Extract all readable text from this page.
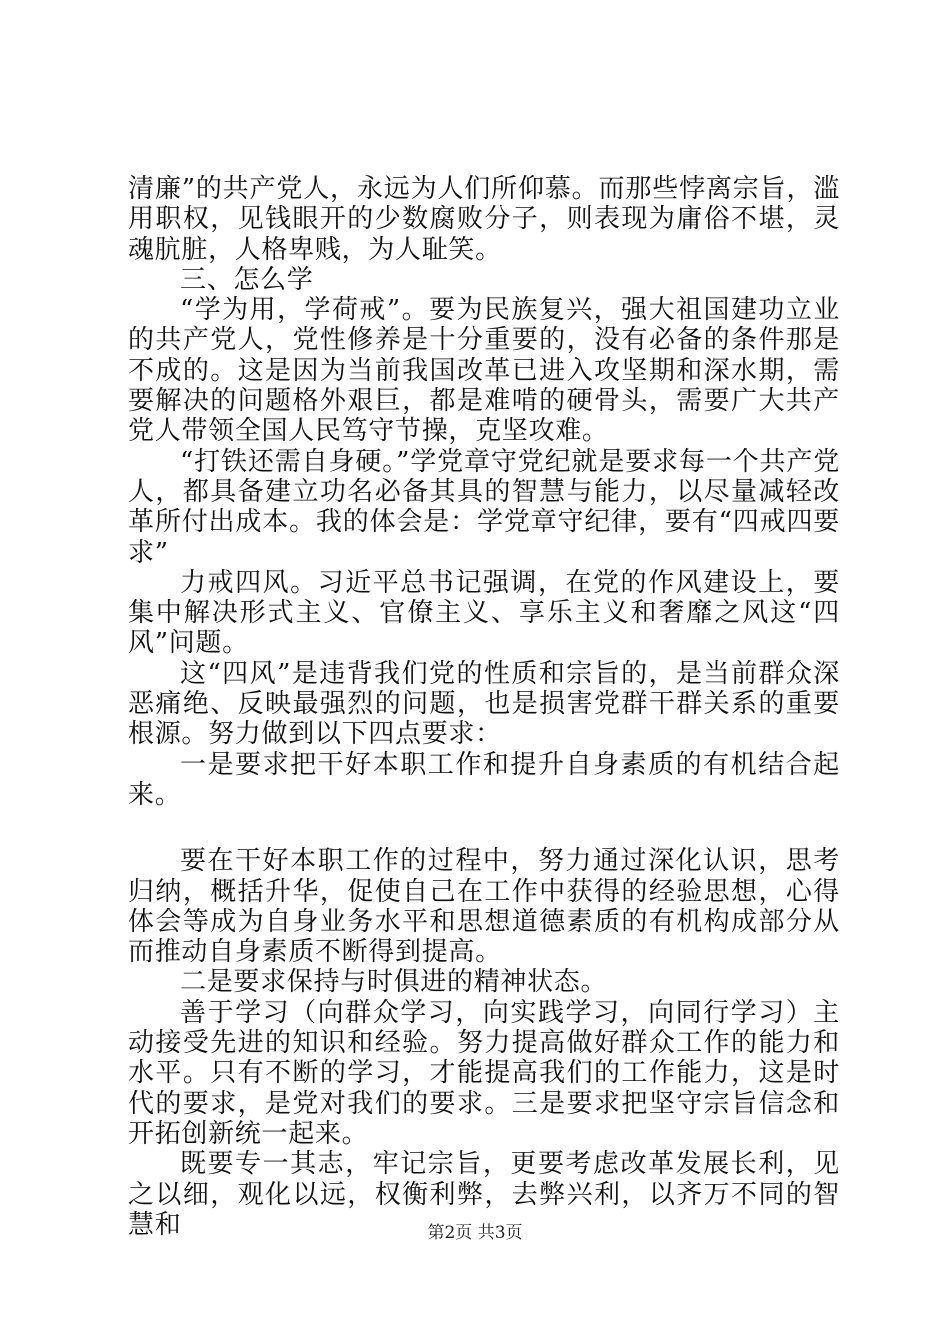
清廉”的共产党人，永远为人们所仰慕。而那些悖离宗旨，滥用职权，见钱眼开的少数腐败分子，则表现为庸俗不堪，灵魂肮脏，人格卑贱，为人耻笑。

三、怎么学

“学为用，学荷戒”。要为民族复兴，强大祖国建功立业的共产党人，党性修养是十分重要的，没有必备的条件那是不成的。这是因为当前我国改革已进入攻坚期和深水期，需要解决的问题格外艰巨，都是难啃的硬骨头，需要广大共产党人带领全国人民笃守节操，克坚攻难。

“打铁还需自身硬。”学党章守党纪就是要求每一个共产党人，都具备建立功名必备其具的智慧与能力，以尽量减轻改革所付出成本。我的体会是：学党章守纪律，要有“四戒四要求”

力戒四风。习近平总书记强调，在党的作风建设上，要集中解决形式主义、官僚主义、享乐主义和奢靡之风这“四风”问题。

这“四风”是违背我们党的性质和宗旨的，是当前群众深恶痛绝、反映最强烈的问题，也是损害党群干群关系的重要根源。努力做到以下四点要求：

一是要求把干好本职工作和提升自身素质的有机结合起来。

要在干好本职工作的过程中，努力通过深化认识，思考归纳，概括升华，促使自己在工作中获得的经验思想，心得体会等成为自身业务水平和思想道德素质的有机构成部分从而推动自身素质不断得到提高。

二是要求保持与时俱进的精神状态。

善于学习（向群众学习，向实践学习，向同行学习）主动接受先进的知识和经验。努力提高做好群众工作的能力和水平。只有不断的学习，才能提高我们的工作能力，这是时代的要求，是党对我们的要求。三是要求把坚守宗旨信念和开拓创新统一起来。

既要专一其志，牢记宗旨，更要考虑改革发展长利，见之以细，观化以远，权衡利弊，去弊兴利，以齐万不同的智慧和	第2页 共3页
